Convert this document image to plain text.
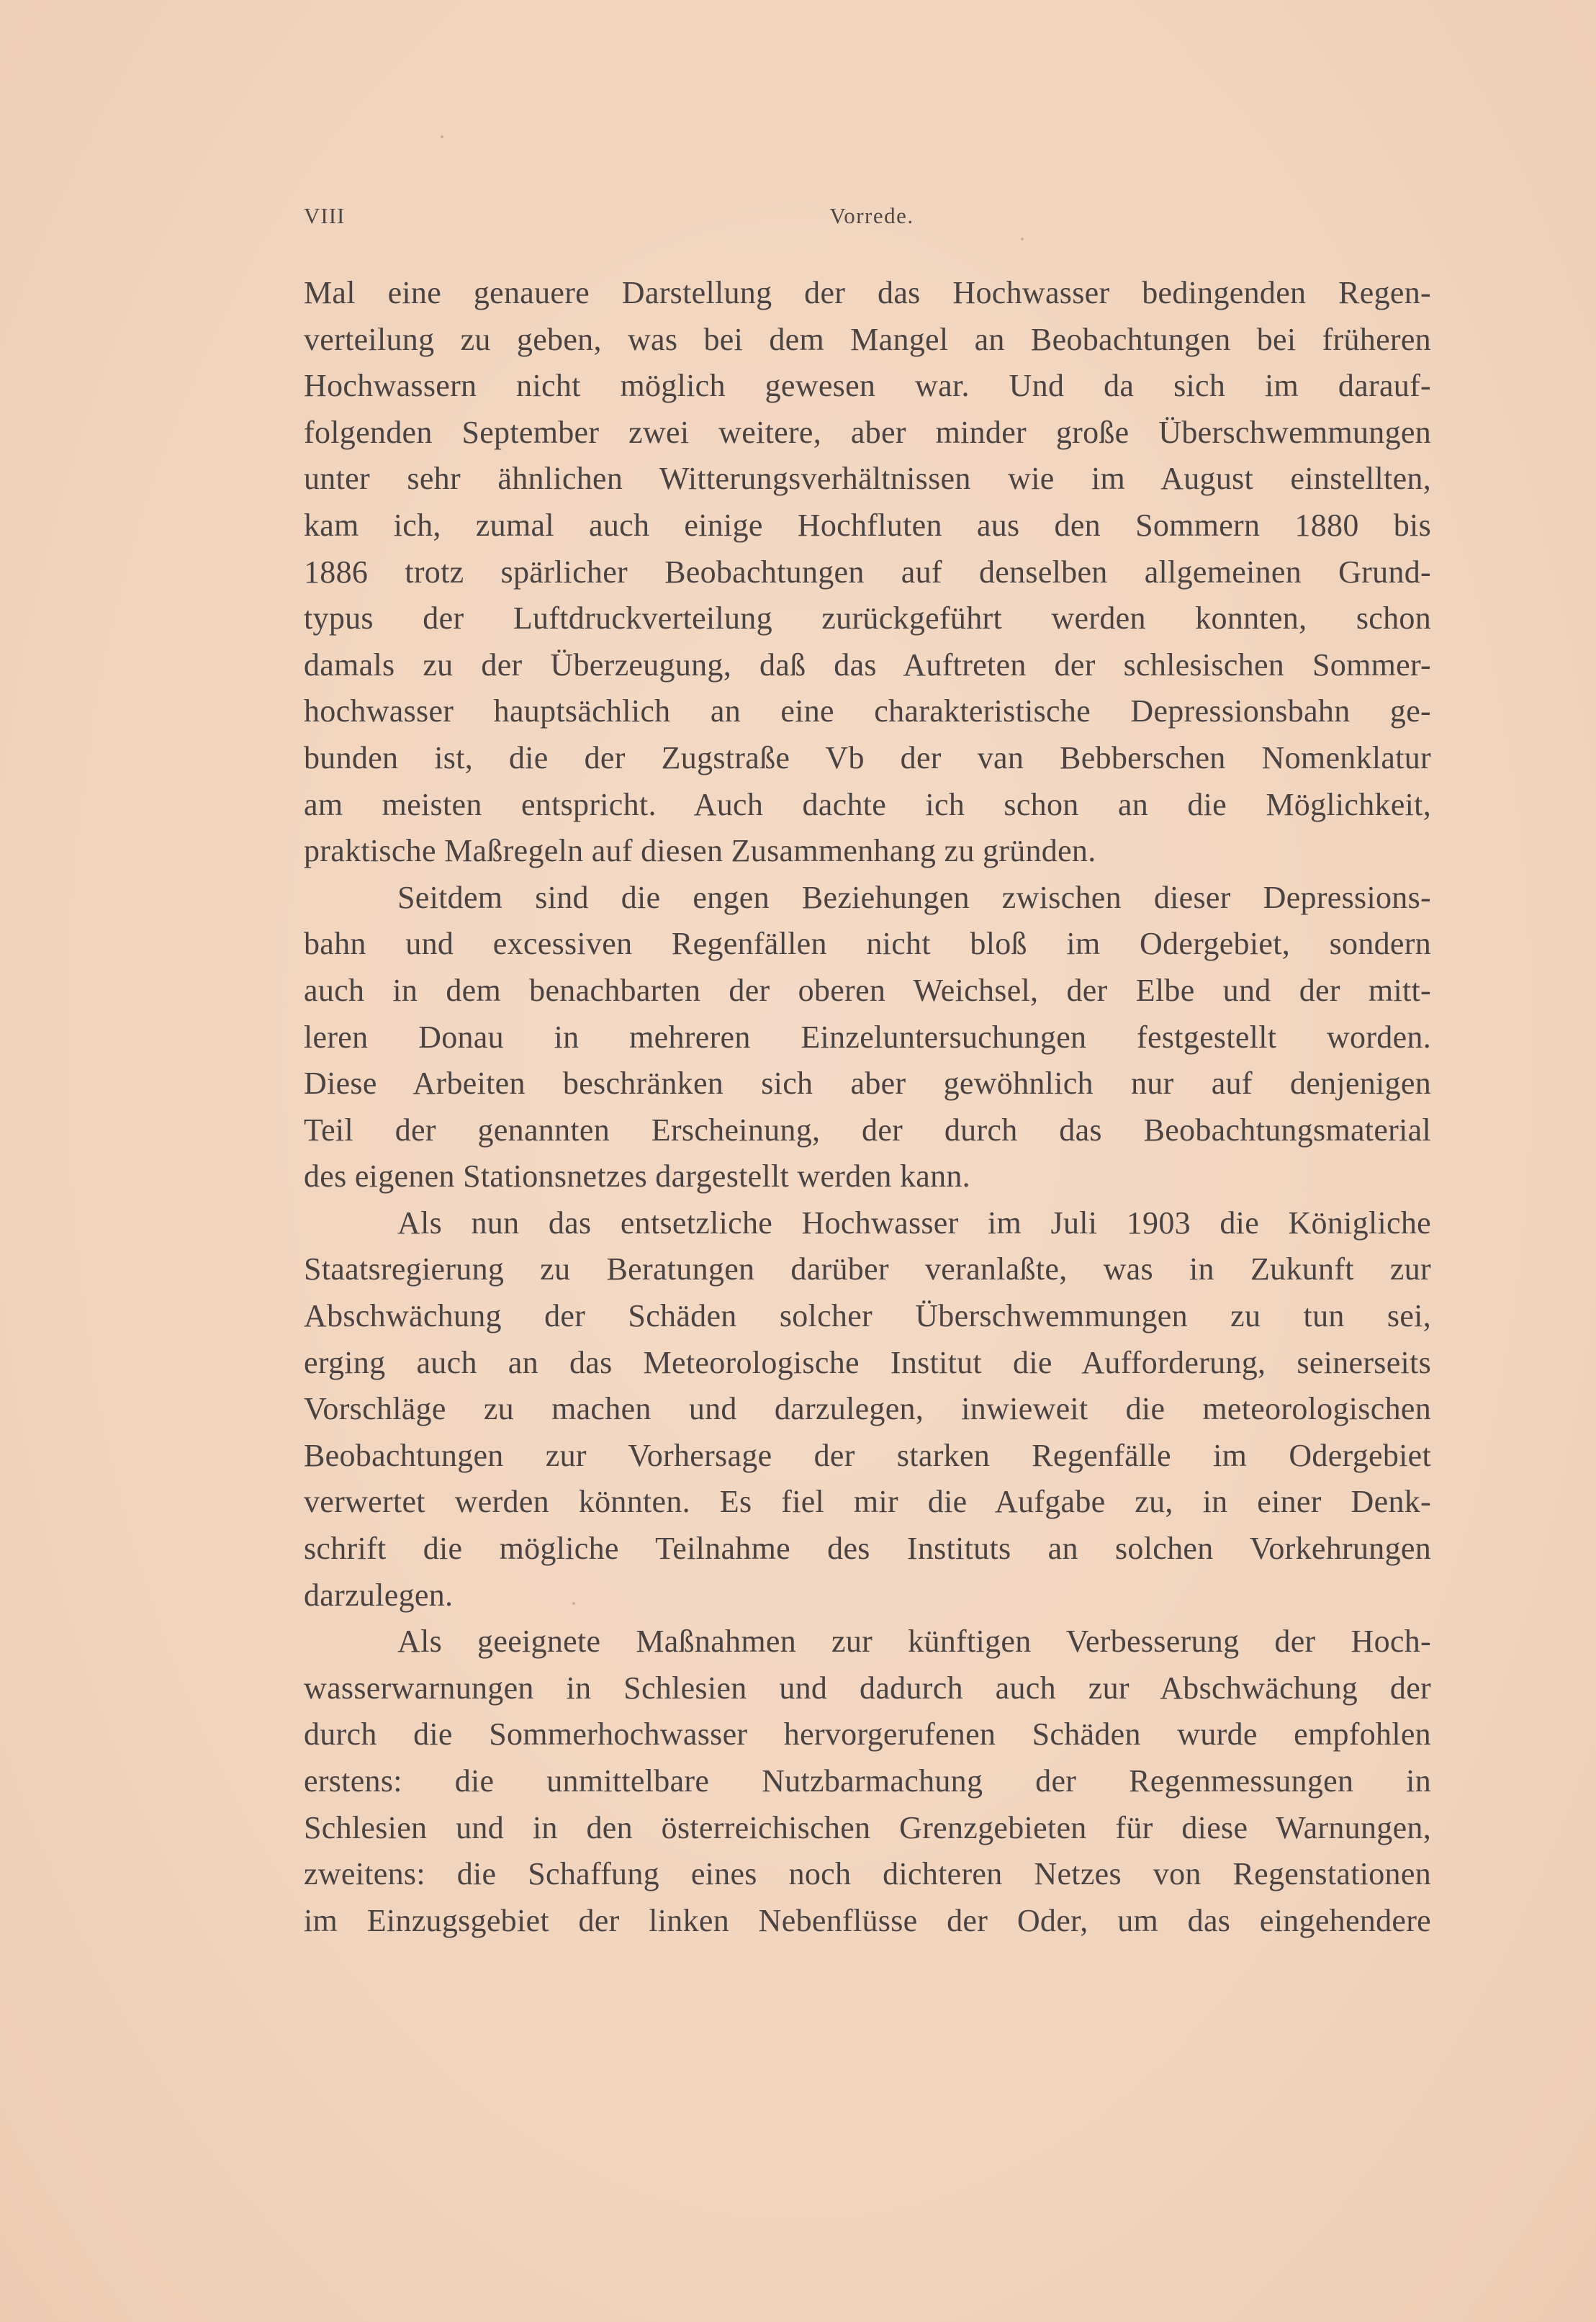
VIII	Vorrede.
Mal eine genauere Darstellung der das Hochwasser bedingenden Regen-
verteilung zu geben, was bei dem Mangel an Beobachtungen bei früheren
Hochwassern nicht möglich gewesen war. Und da sich im darauf-
folgenden September zwei weitere, aber minder große Überschwemmungen
unter sehr ähnlichen Witterungsverhältnissen wie im August einstellten,
kam ich, zumal auch einige Hochfluten aus den Sommern 1880 bis
1886 trotz spärlicher Beobachtungen auf denselben allgemeinen Grund-
typus der Luftdruckverteilung zurückgeführt werden konnten, schon
damals zu der Überzeugung, daß das Auftreten der schlesischen Sommer-
hochwasser hauptsächlich an eine charakteristische Depressionsbahn ge-
bunden ist, die der Zugstraße Vb der van Bebberschen Nomenklatur
am meisten entspricht. Auch dachte ich schon an die Möglichkeit,
praktische Maßregeln auf diesen Zusammenhang zu gründen.
Seitdem sind die engen Beziehungen zwischen dieser Depressions-
bahn und excessiven Regenfällen nicht bloß im Odergebiet, sondern
auch in dem benachbarten der oberen Weichsel, der Elbe und der mitt-
leren Donau in mehreren Einzeluntersuchungen festgestellt worden.
Diese Arbeiten beschränken sich aber gewöhnlich nur auf denjenigen
Teil der genannten Erscheinung, der durch das Beobachtungsmaterial
des eigenen Stationsnetzes dargestellt werden kann.
Als nun das entsetzliche Hochwasser im Juli 1903 die Königliche
Staatsregierung zu Beratungen darüber veranlaßte, was in Zukunft zur
Abschwächung der Schäden solcher Überschwemmungen zu tun sei,
erging auch an das Meteorologische Institut die Aufforderung, seinerseits
Vorschläge zu machen und darzulegen, inwieweit die meteorologischen
Beobachtungen zur Vorhersage der starken Regenfälle im Odergebiet
verwertet werden könnten. Es fiel mir die Aufgabe zu, in einer Denk-
schrift die mögliche Teilnahme des Instituts an solchen Vorkehrungen
darzulegen.
Als geeignete Maßnahmen zur künftigen Verbesserung der Hoch-
wasserwarnungen in Schlesien und dadurch auch zur Abschwächung der
durch die Sommerhochwasser hervorgerufenen Schäden wurde empfohlen
erstens: die unmittelbare Nutzbarmachung der Regenmessungen in
Schlesien und in den österreichischen Grenzgebieten für diese Warnungen,
zweitens: die Schaffung eines noch dichteren Netzes von Regenstationen
im Einzugsgebiet der linken Nebenflüsse der Oder, um das eingehendere
